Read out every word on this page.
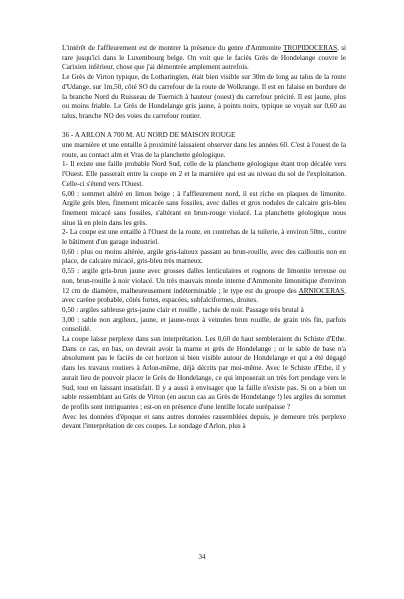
L'intérêt de l'affleurement est de montrer la présence du genre d'Ammonite TROPIDOCERAS, si rare jusqu'ici dans le Luxembourg belge. On voit que le faciès Grès de Hondelange couvre le Carixien inférieur, chose que j'ai démontrée amplement autrefois.

Le Grès de Virton typique, du Lotharingien, était bien visible sur 30m de long au talus de la route d'Udange, sur 1m,50, côté SO du carrefour de la route de Wolkrange. Il est en falaise en bordure de la branche Nord du Ruisseau de Toernich à hauteur (ouest) du carrefour précité. Il est jaune, plus ou moins friable. Le Grès de Hondelange gris jaune, à points noirs, typique se voyait sur 0,60 au talus, branche NO des voies du carrefour routier.

36 - A ARLON A 700 M. AU NORD DE MAISON ROUGE

une marnière et une entaille à proximité laissaient observer dans les années 60. C'est à l'ouest de la route, au contact alm et Vras de la planchette géologique.

1- Il existe une faille probable Nord Sud, celle de la planchette géologique étant trop décalée vers l'Ouest. Elle passerait entre la coupe en 2 et la marnière qui est au niveau du sol de l'exploitation. Celle-ci s'étend vers l'Ouest.

6,00 : sommet altéré en limon beige ; à l'affleurement nord, il est riche en plaques de limonite. Argile grès bleu, finement micacée sans fossiles, avec dalles et gros nodules de calcaire gris-bleu finement micacé sans fossiles, s'altérant en brun-rouge violacé. La planchette géologique nous situe là en plein dans les grès.

2- La coupe est une entaille à l'Ouest de la route, en contrebas de la tuilerie, à environ 50m., contre le bâtiment d'un garage industriel.

0,60 : plus ou moins altérée, argile gris-laiteux passant au brun-rouille, avec des cailloutis non en place, de calcaire micacé, gris-bleu très marneux.

0,55 : argile gris-brun jaune avec grosses dalles lenticulaires et rognons de limonite terreuse ou non, brun-rouille à noir violacé. Un très mauvais moule interne d'Ammonite limonitique d'environ 12 cm de diamètre, malheureusement indéterminable ; le type est du groupe des ARNIOCERAS, avec carène probable, côtés fortes, espacées, subfalciformes, droites.

0,50 : argiles sableuse gris-jaune clair et rouille , tachée de noir. Passage très brutal à

3,00 : sable non argileux, jaune, et jaune-roux à veinules brun rouille, de grain très fin, parfois consolidé.

La coupe laisse perplexe dans son interprétation. Les 0,60 de haut sembleraient du Schiste d'Ethe. Dans ce cas, en bas, on devrait avoir la marne et grès de Hondelange ; or le sable de base n'a absolument pas le faciès de cet horizon si bien visible autour de Hondelange et qui a été dégagé dans les travaux routiers à Arlon-même, déjà décrits par moi-même. Avec le Schiste d'Ethe, il y aurait lieu de pouvoir placer le Grès de Hondelange, ce qui imposerait un très fort pendage vers le Sud, tout en laissant insatisfait. Il y a aussi à envisager que la faille n'existe pas. Si on a bien un sable ressemblant au Grès de Virton (en aucun cas au Grès de Hondelange !) les argiles du sommet de profils sont intriguantes ; est-on en présence d'une lentille locale surépaisse ?

Avec les données d'époque et sans autres données rassemblées depuis, je demeure très perplexe devant l'interprétation de ces coupes. Le sondage d'Arlon, plus à

34
